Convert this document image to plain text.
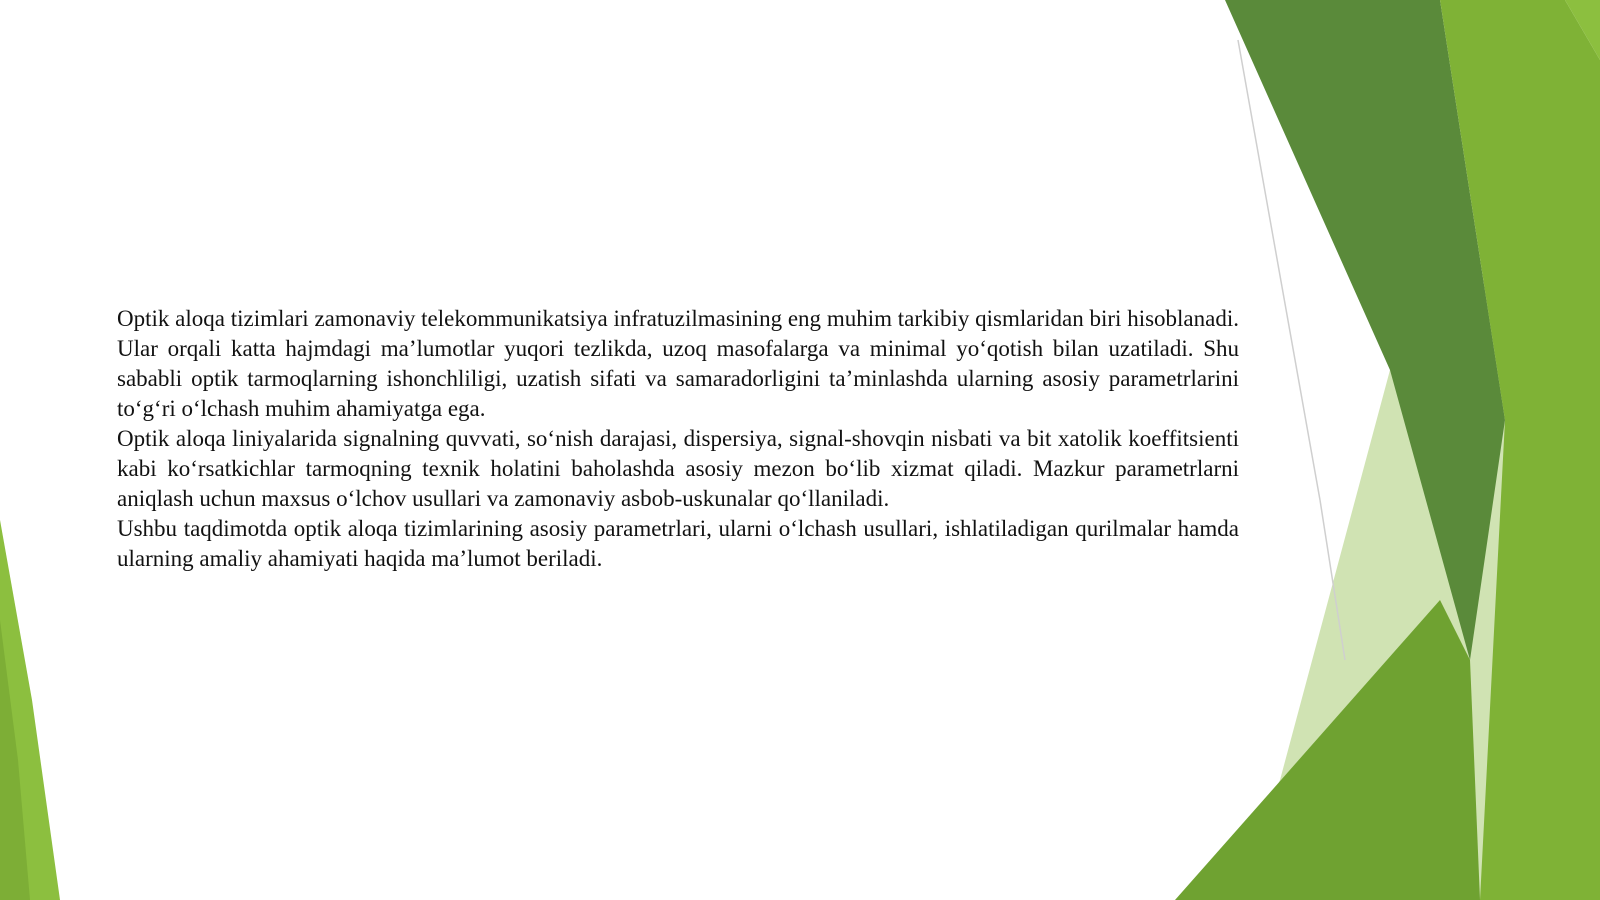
Optik aloqa tizimlari zamonaviy telekommunikatsiya infratuzilmasining eng muhim tarkibiy qismlaridan biri hisoblanadi. Ular orqali katta hajmdagi ma’lumotlar yuqori tezlikda, uzoq masofalarga va minimal yo‘qotish bilan uzatiladi. Shu sababli optik tarmoqlarning ishonchliligi, uzatish sifati va samaradorligini ta’minlashda ularning asosiy parametrlarini to‘g‘ri o‘lchash muhim ahamiyatga ega.

Optik aloqa liniyalarida signalning quvvati, so‘nish darajasi, dispersiya, signal-shovqin nisbati va bit xatolik koeffitsienti kabi ko‘rsatkichlar tarmoqning texnik holatini baholashda asosiy mezon bo‘lib xizmat qiladi. Mazkur parametrlarni aniqlash uchun maxsus o‘lchov usullari va zamonaviy asbob-uskunalar qo‘llaniladi.

Ushbu taqdimotda optik aloqa tizimlarining asosiy parametrlari, ularni o‘lchash usullari, ishlatiladigan qurilmalar hamda ularning amaliy ahamiyati haqida ma’lumot beriladi.
